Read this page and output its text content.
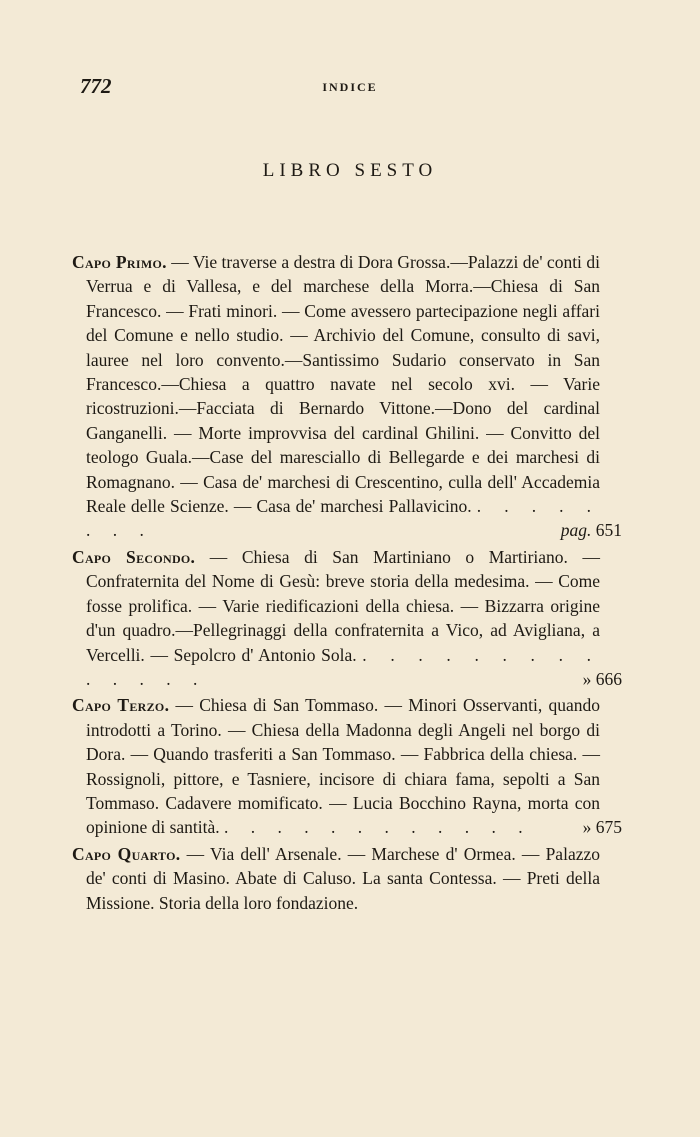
772	INDICE
LIBRO SESTO

Capo Primo. — Vie traverse a destra di Dora Grossa.—Palazzi de' conti di Verrua e di Vallesa, e del marchese della Morra.—Chiesa di San Francesco. — Frati minori. — Come avessero partecipazione negli affari del Comune e nello studio. — Archivio del Comune, consulto di savi, lauree nel loro convento.—Santissimo Sudario conservato in San Francesco.—Chiesa a quattro navate nel secolo xvi. — Varie ricostruzioni.—Facciata di Bernardo Vittone.—Dono del cardinal Ganganelli. — Morte improvvisa del cardinal Ghilini. — Convitto del teologo Guala.—Case del maresciallo di Bellegarde e dei marchesi di Romagnano. — Casa de' marchesi di Crescentino, culla dell' Accademia Reale delle Scienze. — Casa de' marchesi Pallavicino. . . . . . . . .	pag. 651

Capo Secondo. — Chiesa di San Martiniano o Martiriano. — Confraternita del Nome di Gesù: breve storia della medesima. — Come fosse prolifica. — Varie riedificazioni della chiesa. — Bizzarra origine d'un quadro.—Pellegrinaggi della confraternita a Vico, ad Avigliana, a Vercelli. — Sepolcro d' Antonio Sola. . . . . . . . . . . . . . .	» 666

Capo Terzo. — Chiesa di San Tommaso. — Minori Osservanti, quando introdotti a Torino. — Chiesa della Madonna degli Angeli nel borgo di Dora. — Quando trasferiti a San Tommaso. — Fabbrica della chiesa. — Rossignoli, pittore, e Tasniere, incisore di chiara fama, sepolti a San Tommaso. Cadavere momificato. — Lucia Bocchino Rayna, morta con opinione di santità. . . . . . . . . . . . .	» 675

Capo Quarto. — Via dell' Arsenale. — Marchese d' Ormea. — Palazzo de' conti di Masino. Abate di Caluso. La santa Contessa. — Preti della Missione. Storia della loro fondazione.
